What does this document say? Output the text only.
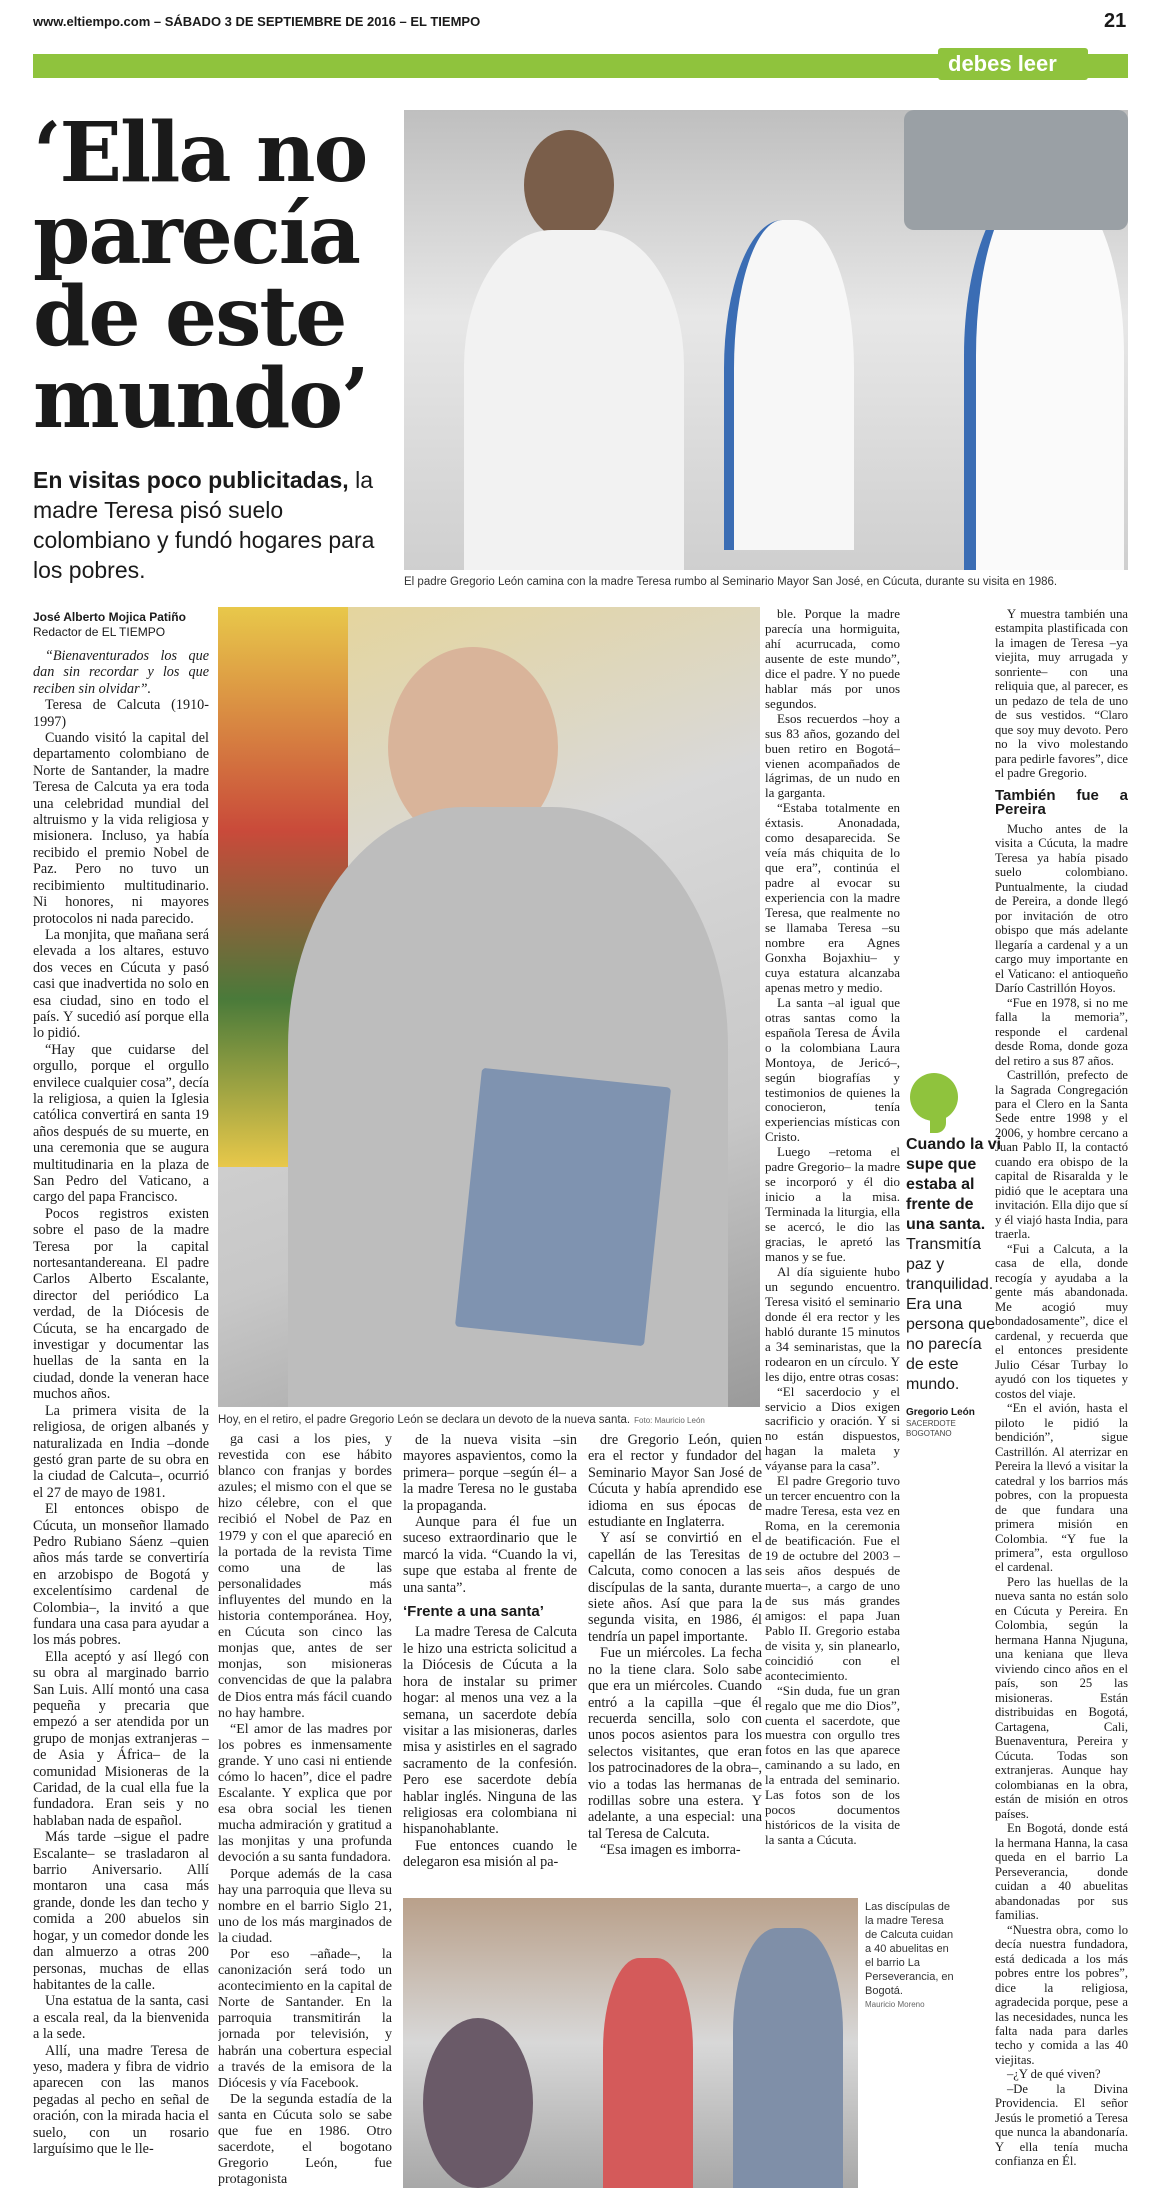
www.eltiempo.com – SÁBADO 3 DE SEPTIEMBRE DE 2016 – EL TIEMPO	21
debes leer
‘Ella no parecía de este mundo’
En visitas poco publicitadas, la madre Teresa pisó suelo colombiano y fundó hogares para los pobres.	El padre Gregorio León camina con la madre Teresa rumbo al Seminario Mayor San José, en Cúcuta, durante su visita en 1986.
José Alberto Mojica Patiño
Redactor de EL TIEMPO
Hoy, en el retiro, el padre Gregorio León se declara un devoto de la nueva santa. Foto: Mauricio León
Las discípulas de la madre Teresa de Calcuta cuidan a 40 abuelitas en el barrio La Perseverancia, en Bogotá.
Mauricio Moreno
Cuando la vi supe que estaba al frente de una santa. Transmitía paz y tranquilidad. Era una persona que no parecía de este mundo.
Gregorio León
SACERDOTE BOGOTANO

“Bienaventurados los que dan sin recordar y los que reciben sin olvidar”.

Teresa de Calcuta (1910-1997)

Cuando visitó la capital del departamento colombiano de Norte de Santander, la madre Teresa de Calcuta ya era toda una celebridad mundial del altruismo y la vida religiosa y misionera. Incluso, ya había recibido el premio Nobel de Paz. Pero no tuvo un recibimiento multitudinario. Ni honores, ni mayores protocolos ni nada parecido.

La monjita, que mañana será elevada a los altares, estuvo dos veces en Cúcuta y pasó casi que inadvertida no solo en esa ciudad, sino en todo el país. Y sucedió así porque ella lo pidió.

“Hay que cuidarse del orgullo, porque el orgullo envilece cualquier cosa”, decía la religiosa, a quien la Iglesia católica convertirá en santa 19 años después de su muerte, en una ceremonia que se augura multitudinaria en la plaza de San Pedro del Vaticano, a cargo del papa Francisco.

Pocos registros existen sobre el paso de la madre Teresa por la capital nortesantandereana. El padre Carlos Alberto Escalante, director del periódico La verdad, de la Diócesis de Cúcuta, se ha encargado de investigar y documentar las huellas de la santa en la ciudad, donde la veneran hace muchos años.

La primera visita de la religiosa, de origen albanés y naturalizada en India –donde gestó gran parte de su obra en la ciudad de Calcuta–, ocurrió el 27 de mayo de 1981.

El entonces obispo de Cúcuta, un monseñor llamado Pedro Rubiano Sáenz –quien años más tarde se convertiría en arzobispo de Bogotá y excelentísimo cardenal de Colombia–, la invitó a que fundara una casa para ayudar a los más pobres.

Ella aceptó y así llegó con su obra al marginado barrio San Luis. Allí montó una casa pequeña y precaria que empezó a ser atendida por un grupo de monjas extranjeras –de Asia y África– de la comunidad Misioneras de la Caridad, de la cual ella fue la fundadora. Eran seis y no hablaban nada de español.

Más tarde –sigue el padre Escalante– se trasladaron al barrio Aniversario. Allí montaron una casa más grande, donde les dan techo y comida a 200 abuelos sin hogar, y un comedor donde les dan almuerzo a otras 200 personas, muchas de ellas habitantes de la calle.

Una estatua de la santa, casi a escala real, da la bienvenida a la sede.

Allí, una madre Teresa de yeso, madera y fibra de vidrio aparecen con las manos pegadas al pecho en señal de oración, con la mirada hacia el suelo, con un rosario larguísimo que le lle-

ga casi a los pies, y revestida con ese hábito blanco con franjas y bordes azules; el mismo con el que se hizo célebre, con el que recibió el Nobel de Paz en 1979 y con el que apareció en la portada de la revista Time como una de las personalidades más influyentes del mundo en la historia contemporánea. Hoy, en Cúcuta son cinco las monjas que, antes de ser monjas, son misioneras convencidas de que la palabra de Dios entra más fácil cuando no hay hambre.

“El amor de las madres por los pobres es inmensamente grande. Y uno casi ni entiende cómo lo hacen”, dice el padre Escalante. Y explica que por esa obra social les tienen mucha admiración y gratitud a las monjitas y una profunda devoción a su santa fundadora.

Porque además de la casa hay una parroquia que lleva su nombre en el barrio Siglo 21, uno de los más marginados de la ciudad.

Por eso –añade–, la canonización será todo un acontecimiento en la capital de Norte de Santander. En la parroquia transmitirán la jornada por televisión, y habrán una cobertura especial a través de la emisora de la Diócesis y vía Facebook.

De la segunda estadía de la santa en Cúcuta solo se sabe que fue en 1986. Otro sacerdote, el bogotano Gregorio León, fue protagonista

de la nueva visita –sin mayores aspavientos, como la primera– porque –según él– a la madre Teresa no le gustaba la propaganda.

Aunque para él fue un suceso extraordinario que le marcó la vida. “Cuando la vi, supe que estaba al frente de una santa”.

‘Frente a una santa’

La madre Teresa de Calcuta le hizo una estricta solicitud a la Diócesis de Cúcuta a la hora de instalar su primer hogar: al menos una vez a la semana, un sacerdote debía visitar a las misioneras, darles misa y asistirles en el sagrado sacramento de la confesión. Pero ese sacerdote debía hablar inglés. Ninguna de las religiosas era colombiana ni hispanohablante.

Fue entonces cuando le delegaron esa misión al pa-

dre Gregorio León, quien era el rector y fundador del Seminario Mayor San José de Cúcuta y había aprendido ese idioma en sus épocas de estudiante en Inglaterra.

Y así se convirtió en el capellán de las Teresitas de Calcuta, como conocen a las discípulas de la santa, durante siete años. Así que para la segunda visita, en 1986, él tendría un papel importante.

Fue un miércoles. La fecha no la tiene clara. Solo sabe que era un miércoles. Cuando entró a la capilla –que él recuerda sencilla, solo con unos pocos asientos para los selectos visitantes, que eran los patrocinadores de la obra–, vio a todas las hermanas de rodillas sobre una estera. Y adelante, a una especial: una tal Teresa de Calcuta.

“Esa imagen es imborra-

ble. Porque la madre parecía una hormiguita, ahí acurrucada, como ausente de este mundo”, dice el padre. Y no puede hablar más por unos segundos.

Esos recuerdos –hoy a sus 83 años, gozando del buen retiro en Bogotá– vienen acompañados de lágrimas, de un nudo en la garganta.

“Estaba totalmente en éxtasis. Anonadada, como desaparecida. Se veía más chiquita de lo que era”, continúa el padre al evocar su experiencia con la madre Teresa, que realmente no se llamaba Teresa –su nombre era Agnes Gonxha Bojaxhiu– y cuya estatura alcanzaba apenas metro y medio.

La santa –al igual que otras santas como la española Teresa de Ávila o la colombiana Laura Montoya, de Jericó–, según biografías y testimonios de quienes la conocieron, tenía experiencias místicas con Cristo.

Luego –retoma el padre Gregorio– la madre se incorporó y él dio inicio a la misa. Terminada la liturgia, ella se acercó, le dio las gracias, le apretó las manos y se fue.

Al día siguiente hubo un segundo encuentro. Teresa visitó el seminario donde él era rector y les habló durante 15 minutos a 34 seminaristas, que la rodearon en un círculo. Y les dijo, entre otras cosas:

“El sacerdocio y el servicio a Dios exigen sacrificio y oración. Y si no están dispuestos, hagan la maleta y váyanse para la casa”.

El padre Gregorio tuvo un tercer encuentro con la madre Teresa, esta vez en Roma, en la ceremonia de beatificación. Fue el 19 de octubre del 2003 –seis años después de muerta–, a cargo de uno de sus más grandes amigos: el papa Juan Pablo II. Gregorio estaba de visita y, sin planearlo, coincidió con el acontecimiento.

“Sin duda, fue un gran regalo que me dio Dios”, cuenta el sacerdote, que muestra con orgullo tres fotos en las que aparece caminando a su lado, en la entrada del seminario. Las fotos son de los pocos documentos históricos de la visita de la santa a Cúcuta.

Y muestra también una estampita plastificada con la imagen de Teresa –ya viejita, muy arrugada y sonriente– con una reliquia que, al parecer, es un pedazo de tela de uno de sus vestidos. “Claro que soy muy devoto. Pero no la vivo molestando para pedirle favores”, dice el padre Gregorio.

También fue a Pereira

Mucho antes de la visita a Cúcuta, la madre Teresa ya había pisado suelo colombiano. Puntualmente, la ciudad de Pereira, a donde llegó por invitación de otro obispo que más adelante llegaría a cardenal y a un cargo muy importante en el Vaticano: el antioqueño Darío Castrillón Hoyos.

“Fue en 1978, si no me falla la memoria”, responde el cardenal desde Roma, donde goza del retiro a sus 87 años.

Castrillón, prefecto de la Sagrada Congregación para el Clero en la Santa Sede entre 1998 y el 2006, y hombre cercano a Juan Pablo II, la contactó cuando era obispo de la capital de Risaralda y le pidió que le aceptara una invitación. Ella dijo que sí y él viajó hasta India, para traerla.

“Fui a Calcuta, a la casa de ella, donde recogía y ayudaba a la gente más abandonada. Me acogió muy bondadosamente”, dice el cardenal, y recuerda que el entonces presidente Julio César Turbay lo ayudó con los tiquetes y costos del viaje.

“En el avión, hasta el piloto le pidió la bendición”, sigue Castrillón. Al aterrizar en Pereira la llevó a visitar la catedral y los barrios más pobres, con la propuesta de que fundara una primera misión en Colombia. “Y fue la primera”, esta orgulloso el cardenal.

Pero las huellas de la nueva santa no están solo en Cúcuta y Pereira. En Colombia, según la hermana Hanna Njuguna, una keniana que lleva viviendo cinco años en el país, son 25 las misioneras. Están distribuidas en Bogotá, Cartagena, Cali, Buenaventura, Pereira y Cúcuta. Todas son extranjeras. Aunque hay colombianas en la obra, están de misión en otros países.

En Bogotá, donde está la hermana Hanna, la casa queda en el barrio La Perseverancia, donde cuidan a 40 abuelitas abandonadas por sus familias.

“Nuestra obra, como lo decía nuestra fundadora, está dedicada a los más pobres entre los pobres”, dice la religiosa, agradecida porque, pese a las necesidades, nunca les falta nada para darles techo y comida a las 40 viejitas.

–¿Y de qué viven?

–De la Divina Providencia. El señor Jesús le prometió a Teresa que nunca la abandonaría. Y ella tenía mucha confianza en Él.
